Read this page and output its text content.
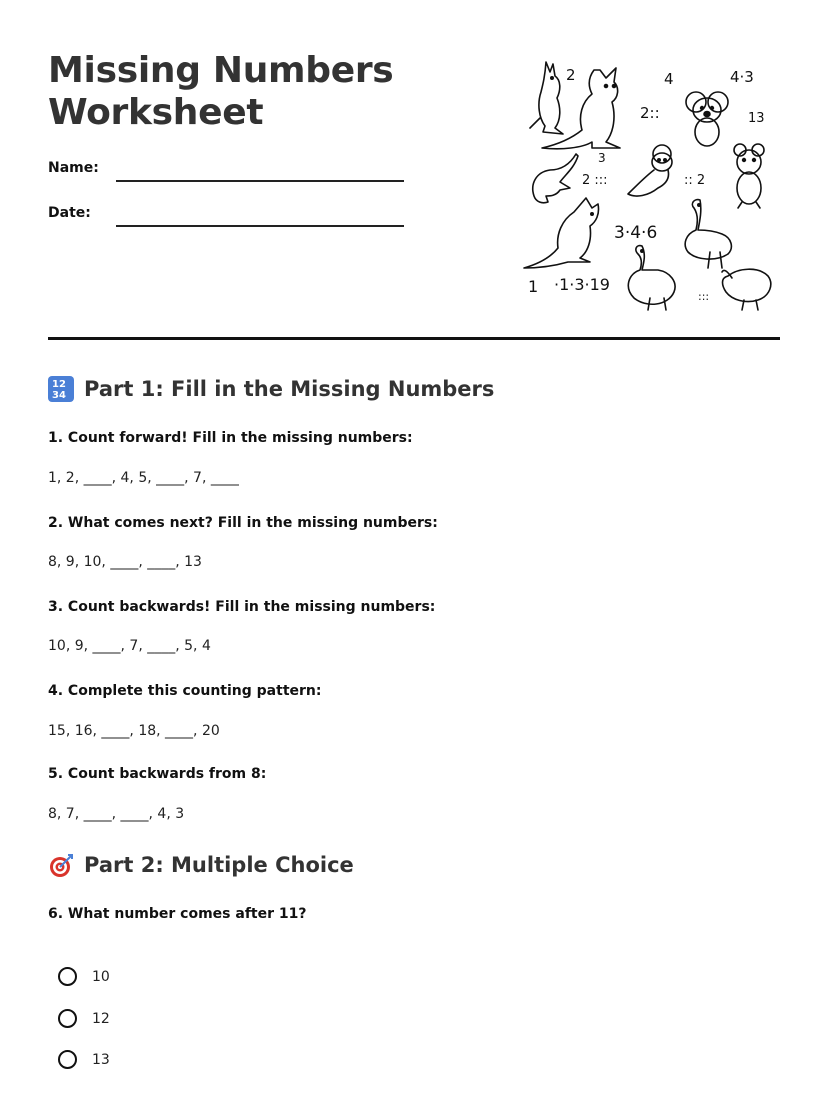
Missing Numbers
Worksheet
Name:
Date:
2	4	4·3
2::	13
3
2 :::	:: 2
3·4·6
1 ·1·3·19
:::
12
34 Part 1: Fill in the Missing Numbers
1. Count forward! Fill in the missing numbers:
1, 2, ____, 4, 5, ____, 7, ____
2. What comes next? Fill in the missing numbers:
8, 9, 10, ____, ____, 13
3. Count backwards! Fill in the missing numbers:
10, 9, ____, 7, ____, 5, 4
4. Complete this counting pattern:
15, 16, ____, 18, ____, 20
5. Count backwards from 8:
8, 7, ____, ____, 4, 3
Part 2: Multiple Choice
6. What number comes after 11?
10
12
13
